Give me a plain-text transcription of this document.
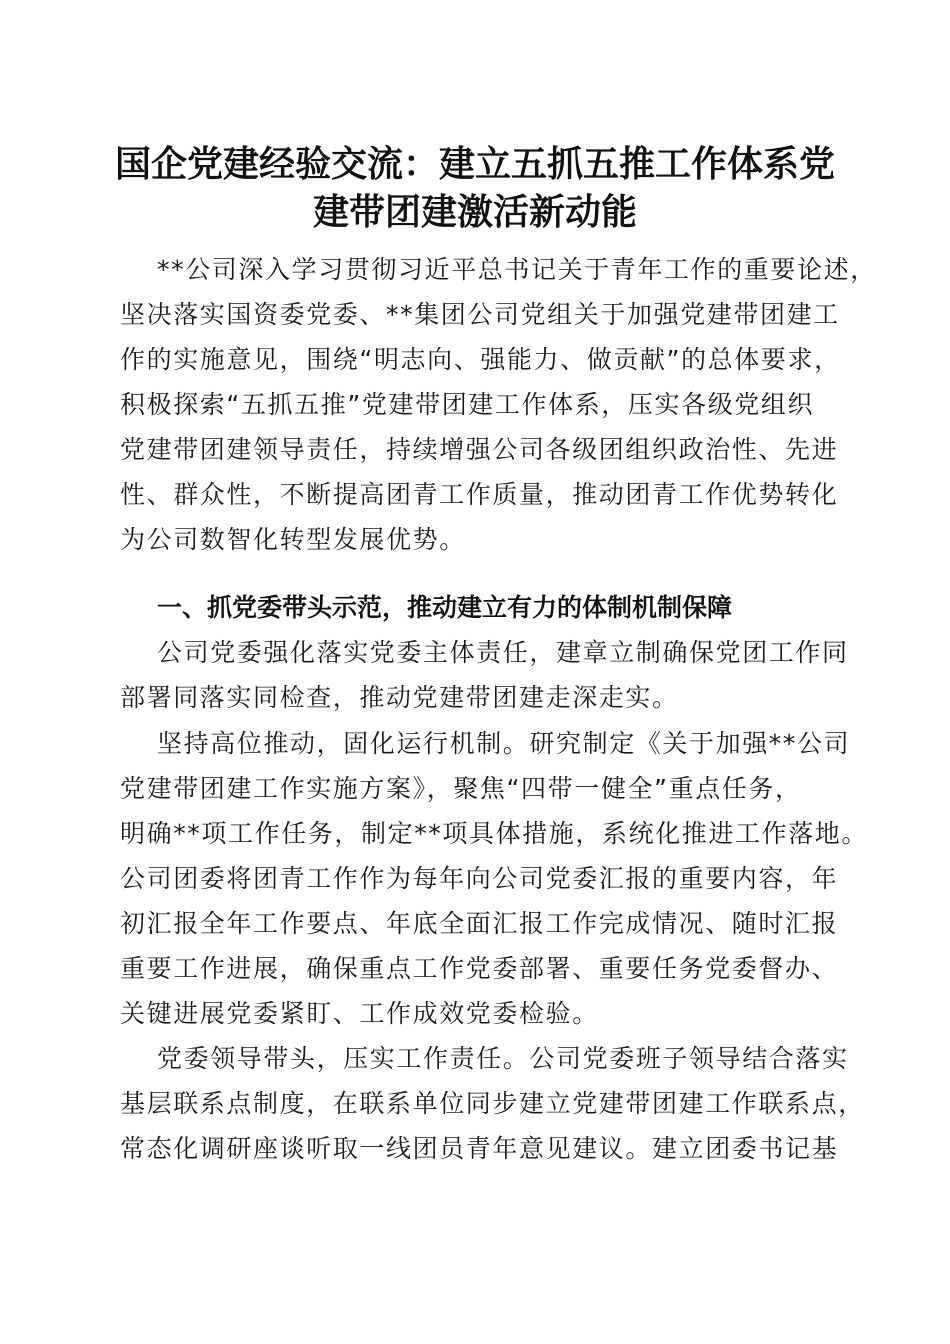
国企党建经验交流：建立五抓五推工作体系党
建带团建激活新动能
**公司深入学习贯彻习近平总书记关于青年工作的重要论述，
坚决落实国资委党委、**集团公司党组关于加强党建带团建工
作的实施意见，围绕“明志向、强能力、做贡献”的总体要求，
积极探索“五抓五推”党建带团建工作体系，压实各级党组织
党建带团建领导责任，持续增强公司各级团组织政治性、先进
性、群众性，不断提高团青工作质量，推动团青工作优势转化
为公司数智化转型发展优势。
一、抓党委带头示范，推动建立有力的体制机制保障
公司党委强化落实党委主体责任，建章立制确保党团工作同
部署同落实同检查，推动党建带团建走深走实。
坚持高位推动，固化运行机制。研究制定《关于加强**公司
党建带团建工作实施方案》，聚焦“四带一健全”重点任务，
明确**项工作任务，制定**项具体措施，系统化推进工作落地。
公司团委将团青工作作为每年向公司党委汇报的重要内容，年
初汇报全年工作要点、年底全面汇报工作完成情况、随时汇报
重要工作进展，确保重点工作党委部署、重要任务党委督办、
关键进展党委紧盯、工作成效党委检验。
党委领导带头，压实工作责任。公司党委班子领导结合落实
基层联系点制度，在联系单位同步建立党建带团建工作联系点，
常态化调研座谈听取一线团员青年意见建议。建立团委书记基
